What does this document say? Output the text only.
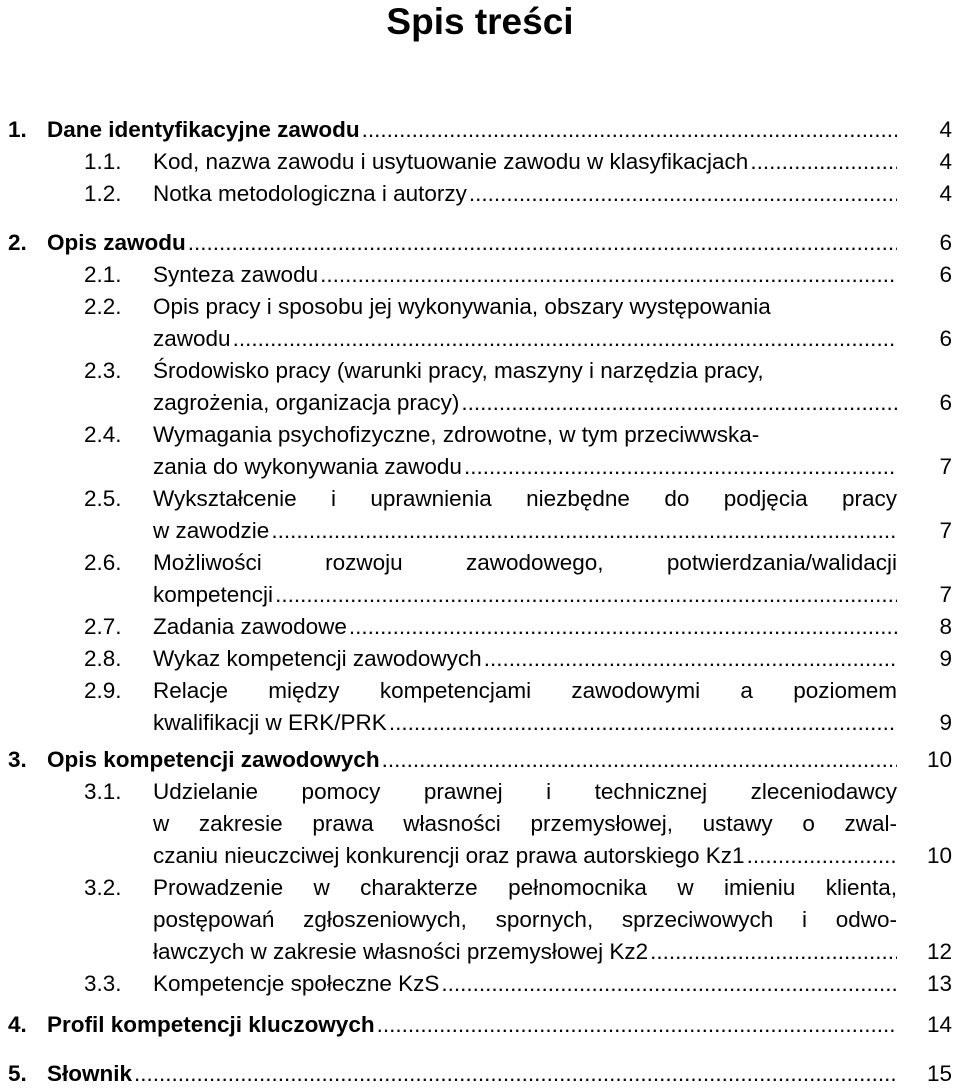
Spis treści
1. Dane identyfikacyjne zawodu .....	4
1.1. Kod, nazwa zawodu i usytuowanie zawodu w klasyfikacjach .....	4
1.2. Notka metodologiczna i autorzy .....	4
2. Opis zawodu .....	6
2.1. Synteza zawodu .....	6
2.2. Opis pracy i sposobu jej wykonywania, obszary występowania
zawodu .....	6
2.3. Środowisko pracy (warunki pracy, maszyny i narzędzia pracy,
zagrożenia, organizacja pracy) .....	6
2.4. Wymagania psychofizyczne, zdrowotne, w tym przeciwwska-
zania do wykonywania zawodu .....	7
2.5. Wykształcenie i uprawnienia niezbędne do podjęcia pracy
w zawodzie .....	7
2.6. Możliwości rozwoju zawodowego, potwierdzania/walidacji
kompetencji .....	7
2.7. Zadania zawodowe .....	8
2.8. Wykaz kompetencji zawodowych .....	9
2.9. Relacje między kompetencjami zawodowymi a poziomem
kwalifikacji w ERK/PRK .....	9
3. Opis kompetencji zawodowych .....	10
3.1. Udzielanie pomocy prawnej i technicznej zleceniodawcy
w zakresie prawa własności przemysłowej, ustawy o zwal-
czaniu nieuczciwej konkurencji oraz prawa autorskiego Kz1 .....	10
3.2. Prowadzenie w charakterze pełnomocnika w imieniu klienta,
postępowań zgłoszeniowych, spornych, sprzeciwowych i odwo-
ławczych w zakresie własności przemysłowej Kz2 .....	12
3.3. Kompetencje społeczne KzS .....	13
4. Profil kompetencji kluczowych .....	14
5. Słownik .....	15
